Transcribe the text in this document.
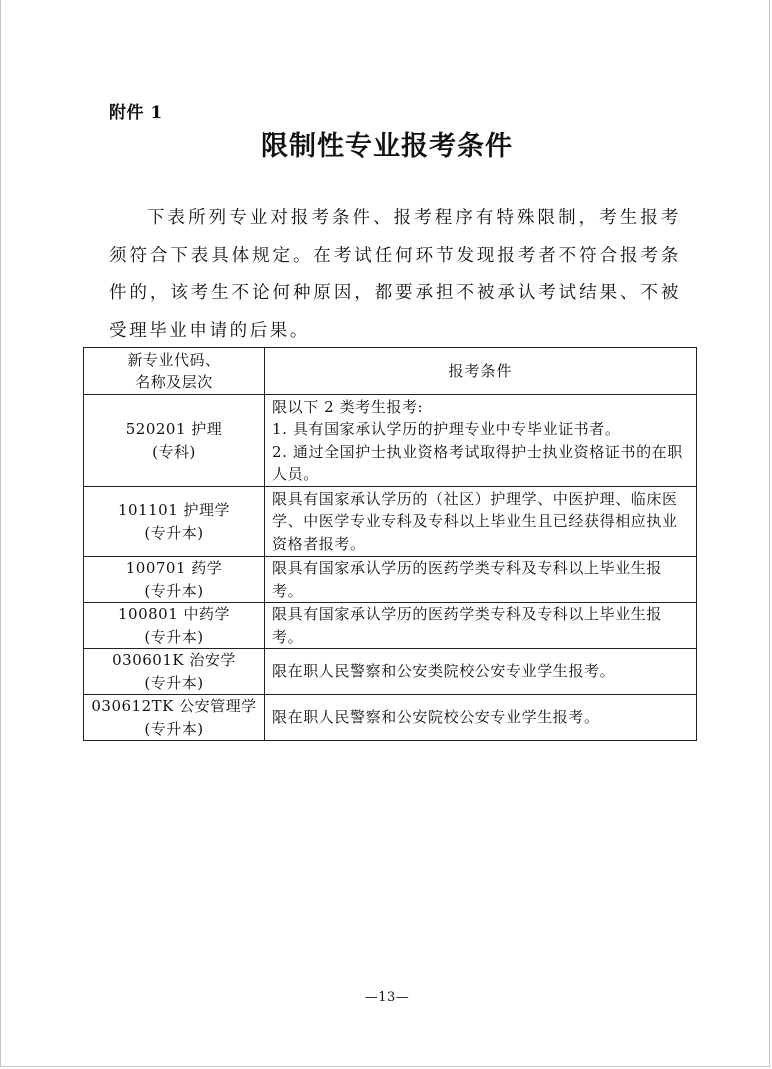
附件 1
限制性专业报考条件

下表所列专业对报考条件、报考程序有特殊限制，考生报考须符合下表具体规定。在考试任何环节发现报考者不符合报考条件的，该考生不论何种原因，都要承担不被承认考试结果、不被受理毕业申请的后果。

新专业代码、
名称及层次	报考条件

520201 护理
(专科)	限以下 2 类考生报考:
1. 具有国家承认学历的护理专业中专毕业证书者。
2. 通过全国护士执业资格考试取得护士执业资格证书的在职人员。

101101 护理学
(专升本)	限具有国家承认学历的（社区）护理学、中医护理、临床医学、中医学专业专科及专科以上毕业生且已经获得相应执业资格者报考。

100701 药学
(专升本)	限具有国家承认学历的医药学类专科及专科以上毕业生报考。

100801 中药学
(专升本)	限具有国家承认学历的医药学类专科及专科以上毕业生报考。

030601K 治安学
(专升本)	限在职人民警察和公安类院校公安专业学生报考。

030612TK 公安管理学
(专升本)	限在职人民警察和公安院校公安专业学生报考。
—13—
